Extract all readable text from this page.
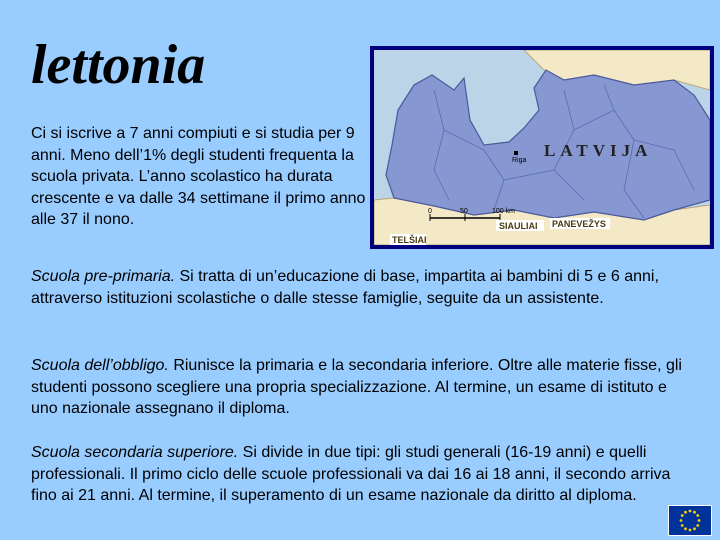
lettonia

Ci si iscrive a 7 anni compiuti e si studia per 9 anni. Meno dell’1% degli studenti frequenta la scuola privata. L’anno scolastico ha durata crescente e va dalle 34 settimane il primo anno alle 37 il nono.

Riga
LATVIJA
0	50	100 km
SIAULIAI PANEVEŽYS
TELŠIAI

Scuola pre-primaria. Si tratta di un’educazione di base, impartita ai bambini di 5 e 6 anni, attraverso istituzioni scolastiche o dalle stesse famiglie, seguite da un assistente.

Scuola dell’obbligo. Riunisce la primaria e la secondaria inferiore. Oltre alle materie fisse, gli studenti possono scegliere una propria specializzazione. Al termine, un esame di istituto e uno nazionale assegnano il diploma.

Scuola secondaria superiore. Si divide in due tipi: gli studi generali (16-19 anni) e quelli professionali. Il primo ciclo delle scuole professionali va dai 16 ai 18 anni, il secondo arriva fino ai 21 anni. Al termine, il superamento di un esame nazionale da diritto al diploma.
